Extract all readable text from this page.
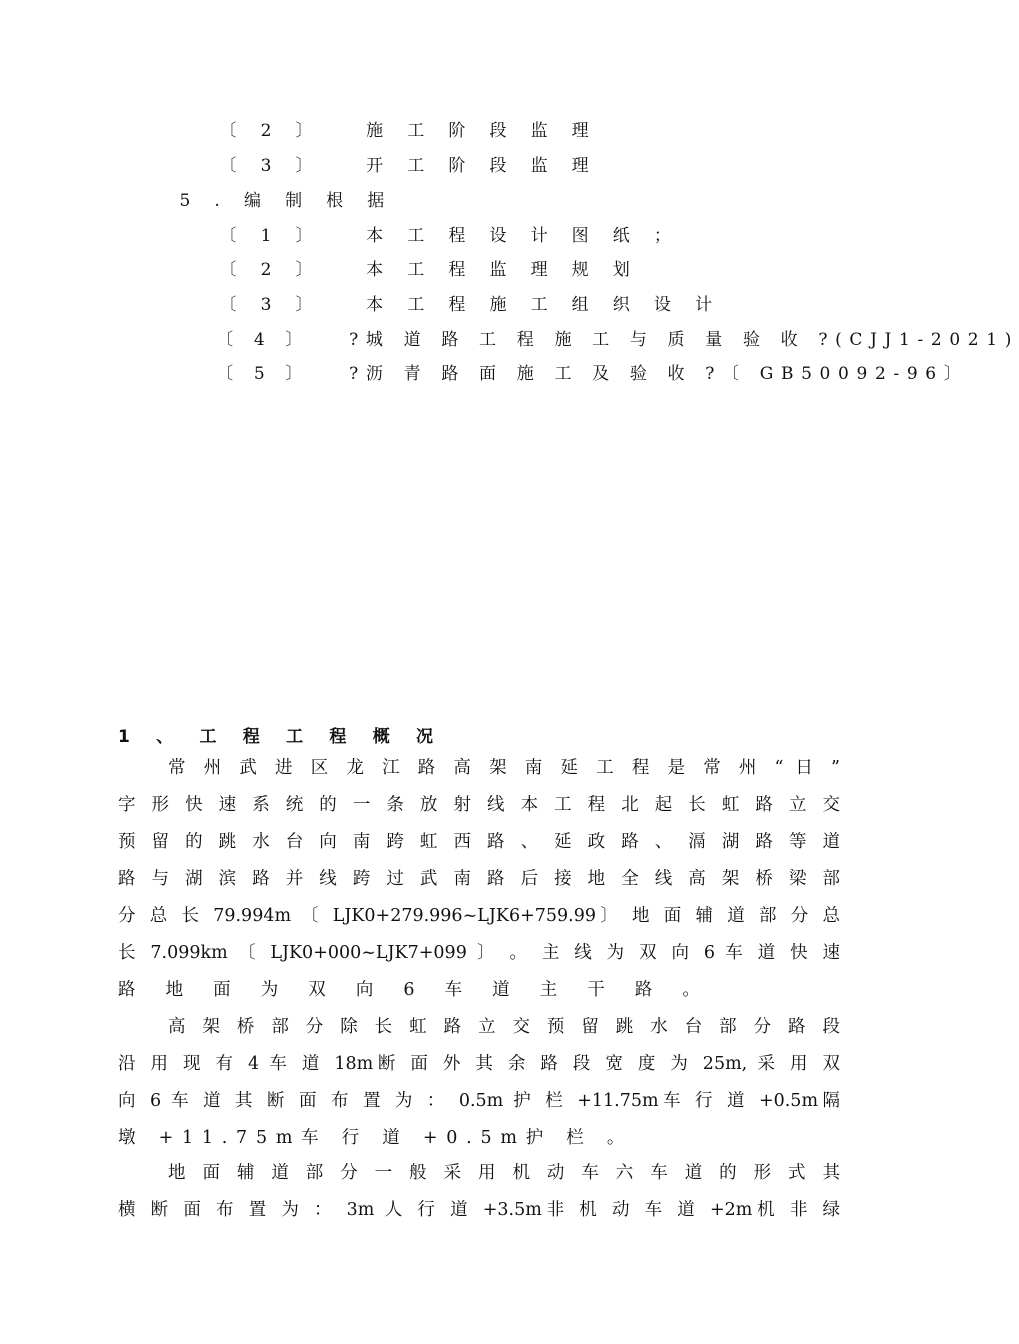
〔 2 〕	施 工 阶 段 监 理

〔 3 〕	开 工 阶 段 监 理

5 . 编 制 根 据

〔 1 〕	本 工 程 设 计 图 纸 ；

〔 2 〕	本 工 程 监 理 规 划

〔 3 〕	本 工 程 施 工 组 织 设 计

〔 4 〕 ?城 道 路 工 程 施 工 与 质 量 验 收 ?(CJJ1-2021)

〔 5 〕 ?沥 青 路 面 施 工 及 验 收 ?〔 GB50092-96〕

1 、 工 程 工 程 概 况
常 州 武 进 区 龙 江 路 高 架 南 延 工 程 是 常 州 “ 日 ”
字 形 快 速 系 统 的 一 条 放 射 线 本 工 程 北 起 长 虹 路 立 交
预 留 的 跳 水 台 向 南 跨 虹 西 路 、 延 政 路 、 滆 湖 路 等 道
路 与 湖 滨 路 并 线 跨 过 武 南 路 后 接 地 全 线 高 架 桥 梁 部
分 总 长 79.994m 〔 LJK0+279.996~LJK6+759.99〕 地 面 辅 道 部 分 总
长 7.099km 〔 LJK0+000~LJK7+099 〕 。 主 线 为 双 向 6 车 道 快 速
路 地 面 为 双 向 6 车 道 主 干 路 。
高 架 桥 部 分 除 长 虹 路 立 交 预 留 跳 水 台 部 分 路 段
沿 用 现 有 4 车 道 18m断 面 外 其 余 路 段 宽 度 为 25m, 采 用 双
向 6 车 道 其 断 面 布 置 为 ： 0.5m 护 栏 +11.75m车 行 道 +0.5m隔
墩 +11.75m车 行 道 +0.5m护 栏 。
地 面 辅 道 部 分 一 般 采 用 机 动 车 六 车 道 的 形 式 其
横 断 面 布 置 为 ： 3m 人 行 道 +3.5m非 机 动 车 道 +2m机 非 绿
